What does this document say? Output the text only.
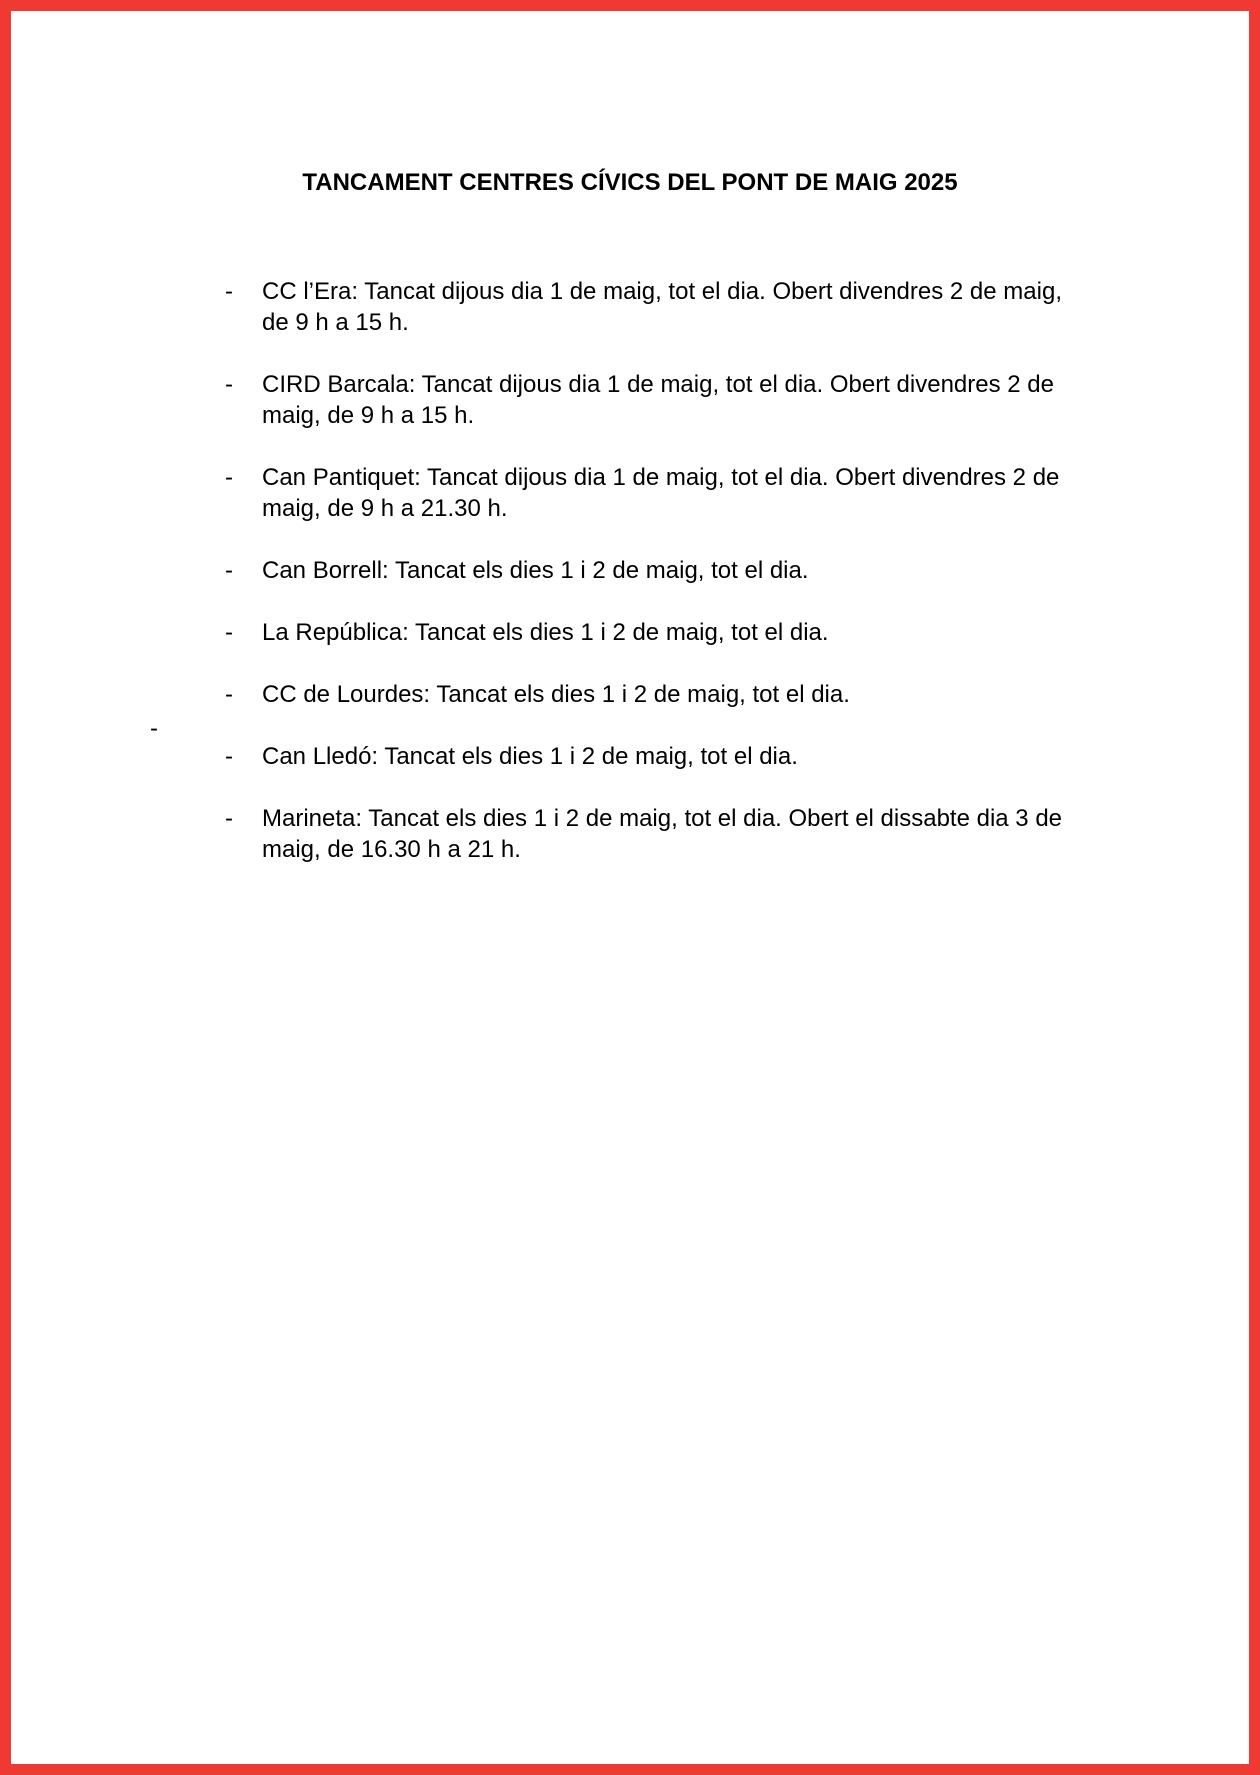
TANCAMENT CENTRES CÍVICS DEL PONT DE MAIG 2025
- CC l’Era: Tancat dijous dia 1 de maig, tot el dia. Obert divendres 2 de maig, de 9 h a 15 h.
- CIRD Barcala: Tancat dijous dia 1 de maig, tot el dia. Obert divendres 2 de maig, de 9 h a 15 h.
- Can Pantiquet: Tancat dijous dia 1 de maig, tot el dia. Obert divendres 2 de maig, de 9 h a 21.30 h.
- Can Borrell: Tancat els dies 1 i 2 de maig, tot el dia.
- La República: Tancat els dies 1 i 2 de maig, tot el dia.
- CC de Lourdes: Tancat els dies 1 i 2 de maig, tot el dia.
- Can Lledó: Tancat els dies 1 i 2 de maig, tot el dia.
- Marineta: Tancat els dies 1 i 2 de maig, tot el dia. Obert el dissabte dia 3 de maig, de 16.30 h a 21 h.
-
